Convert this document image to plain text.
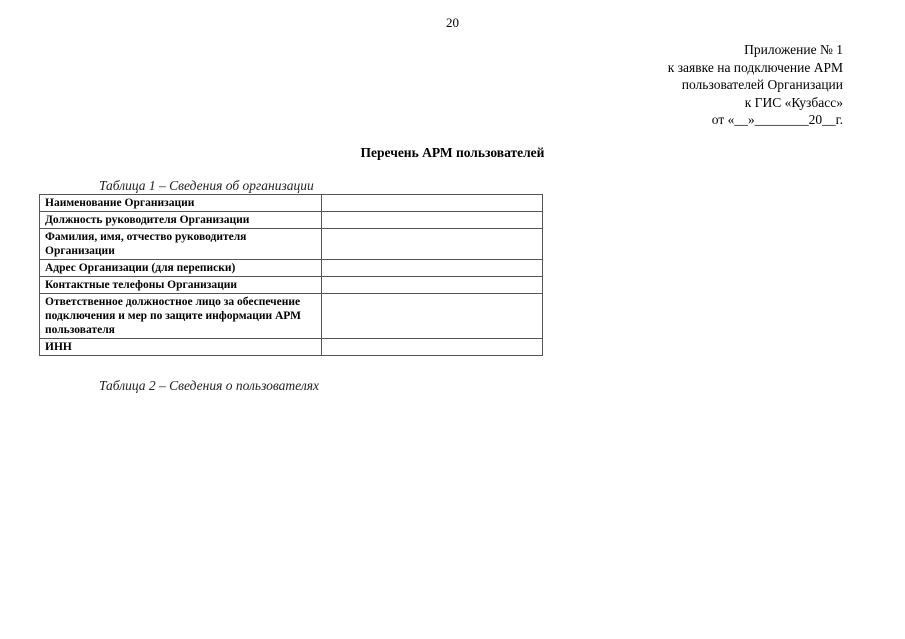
20
Приложение № 1
к заявке на подключение АРМ
пользователей Организации
к ГИС «Кузбасс»
от «__»________20__г.
Перечень АРМ пользователей
Таблица 1 – Сведения об организации
Наименование Организации	
Должность руководителя Организации	
Фамилия, имя, отчество руководителя Организации	
Адрес Организации (для переписки)	
Контактные телефоны Организации	
Ответственное должностное лицо за обеспечение подключения и мер по защите информации АРМ пользователя	
ИНН	
Таблица 2 – Сведения о пользователях
